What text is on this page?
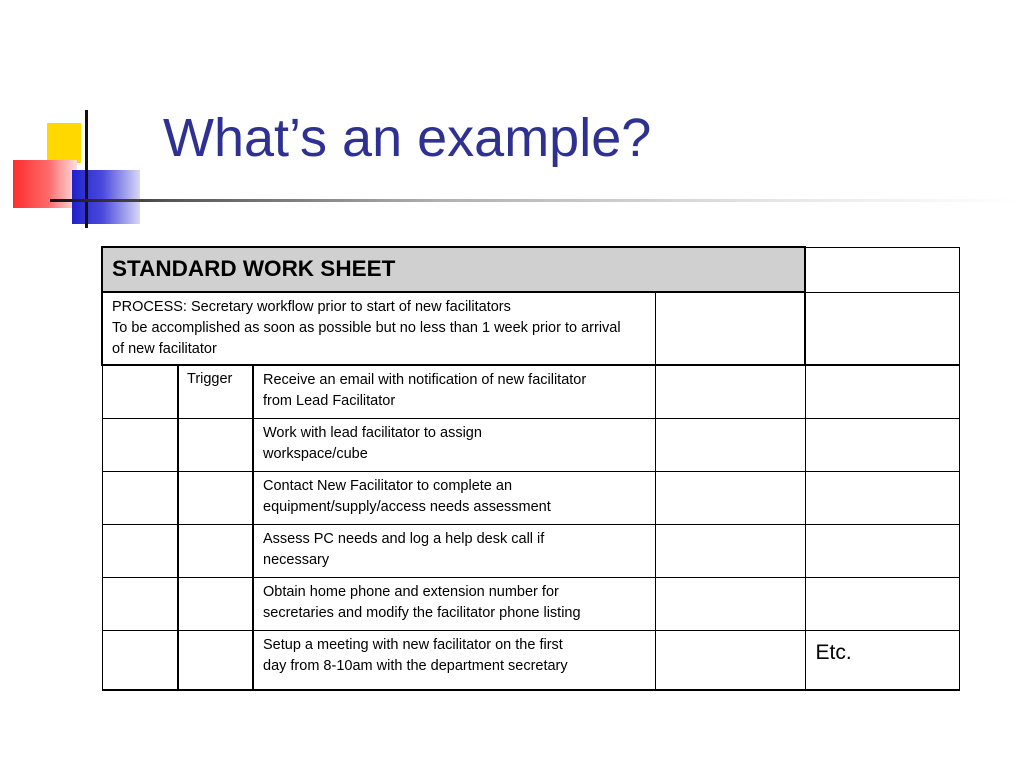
What’s an example?
STANDARD WORK SHEET				

PROCESS: Secretary workflow prior to start of new facilitators
To be accomplished as soon as possible but no less than 1 week prior to arrival
of new facilitator				

	Trigger	Receive an email with notification of new facilitator
from Lead Facilitator		

		Work with lead facilitator to assign
workspace/cube		

		Contact New Facilitator to complete an
equipment/supply/access needs assessment		

		Assess PC needs and log a help desk call if
necessary		

		Obtain home phone and extension number for
secretaries and modify the facilitator phone listing		

		Setup a meeting with new facilitator on the first
day from 8-10am with the department secretary		Etc.
